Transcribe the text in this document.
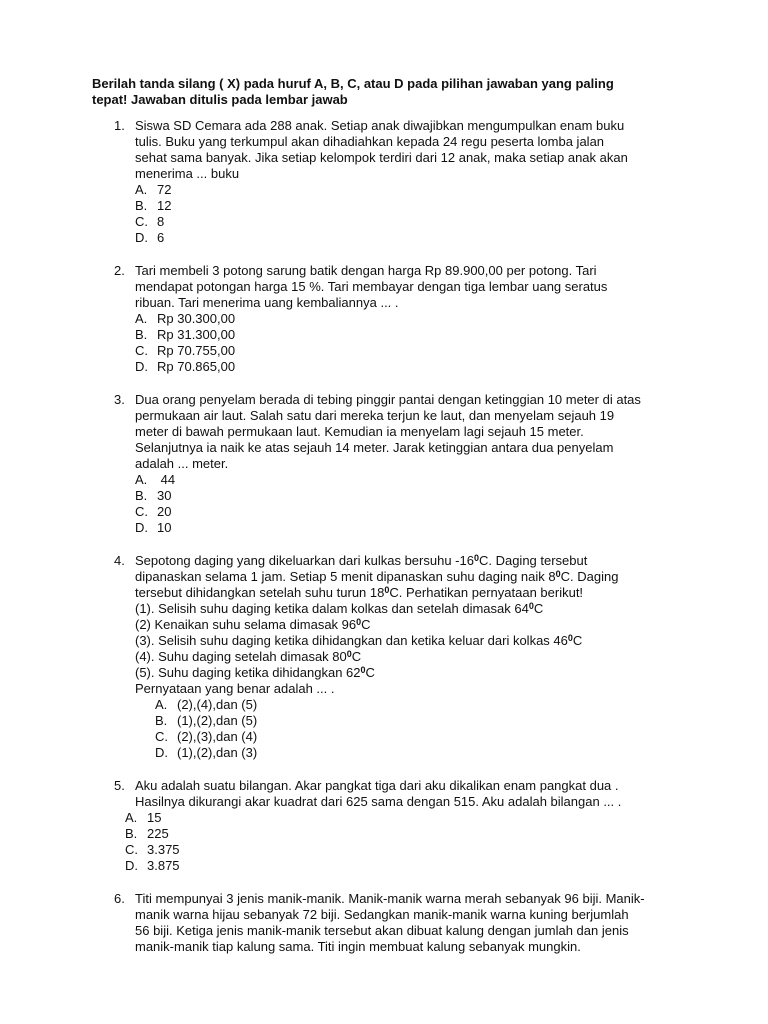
Berilah tanda silang ( X) pada huruf A, B, C, atau D pada pilihan jawaban yang paling
tepat! Jawaban ditulis pada lembar jawab
1. Siswa SD Cemara ada 288 anak. Setiap anak diwajibkan mengumpulkan enam buku
tulis. Buku yang terkumpul akan dihadiahkan kepada 24 regu peserta lomba jalan
sehat sama banyak. Jika setiap kelompok terdiri dari 12 anak, maka setiap anak akan
menerima ... buku
A. 72
B. 12
C. 8
D. 6
2. Tari membeli 3 potong sarung batik dengan harga Rp 89.900,00 per potong. Tari
mendapat potongan harga 15 %. Tari membayar dengan tiga lembar uang seratus
ribuan. Tari menerima uang kembaliannya ... .
A. Rp 30.300,00
B. Rp 31.300,00
C. Rp 70.755,00
D. Rp 70.865,00
3. Dua orang penyelam berada di tebing pinggir pantai dengan ketinggian 10 meter di atas
permukaan air laut. Salah satu dari mereka terjun ke laut, dan menyelam sejauh 19
meter di bawah permukaan laut. Kemudian ia menyelam lagi sejauh 15 meter.
Selanjutnya ia naik ke atas sejauh 14 meter. Jarak ketinggian antara dua penyelam
adalah ... meter.
A. 44
B. 30
C. 20
D. 10
4. Sepotong daging yang dikeluarkan dari kulkas bersuhu $-16^0C$. Daging tersebut
dipanaskan selama 1 jam. Setiap 5 menit dipanaskan suhu daging naik $8^0C$. Daging
tersebut dihidangkan setelah suhu turun $18^0C$. Perhatikan pernyataan berikut!
(1). Selisih suhu daging ketika dalam kolkas dan setelah dimasak $64^0C$
(2) Kenaikan suhu selama dimasak $96^0C$
(3). Selisih suhu daging ketika dihidangkan dan ketika keluar dari kolkas $46^0C$
(4). Suhu daging setelah dimasak $80^0C$
(5). Suhu daging ketika dihidangkan $62^0C$
Pernyataan yang benar adalah ... .
A. (2),(4),dan (5)
B. (1),(2),dan (5)
C. (2),(3),dan (4)
D. (1),(2),dan (3)
5. Aku adalah suatu bilangan. Akar pangkat tiga dari aku dikalikan enam pangkat dua .
Hasilnya dikurangi akar kuadrat dari 625 sama dengan 515. Aku adalah bilangan ... .
A. 15
B. 225
C. 3.375
D. 3.875
6. Titi mempunyai 3 jenis manik-manik. Manik-manik warna merah sebanyak 96 biji. Manik-
manik warna hijau sebanyak 72 biji. Sedangkan manik-manik warna kuning berjumlah
56 biji. Ketiga jenis manik-manik tersebut akan dibuat kalung dengan jumlah dan jenis
manik-manik tiap kalung sama. Titi ingin membuat kalung sebanyak mungkin.
